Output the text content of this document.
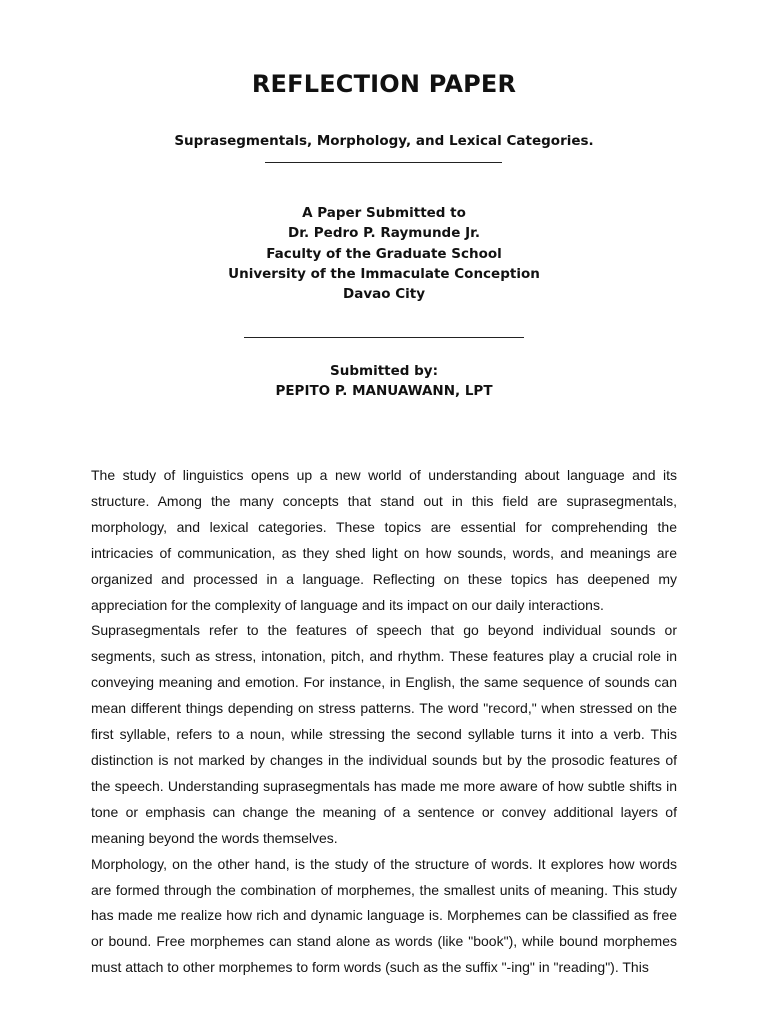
REFLECTION PAPER
Suprasegmentals, Morphology, and Lexical Categories.
A Paper Submitted to
Dr. Pedro P. Raymunde Jr.
Faculty of the Graduate School
University of the Immaculate Conception
Davao City
Submitted by:
PEPITO P. MANUAWANN, LPT

The study of linguistics opens up a new world of understanding about language and its structure. Among the many concepts that stand out in this field are suprasegmentals, morphology, and lexical categories. These topics are essential for comprehending the intricacies of communication, as they shed light on how sounds, words, and meanings are organized and processed in a language. Reflecting on these topics has deepened my appreciation for the complexity of language and its impact on our daily interactions.

Suprasegmentals refer to the features of speech that go beyond individual sounds or segments, such as stress, intonation, pitch, and rhythm. These features play a crucial role in conveying meaning and emotion. For instance, in English, the same sequence of sounds can mean different things depending on stress patterns. The word "record," when stressed on the first syllable, refers to a noun, while stressing the second syllable turns it into a verb. This distinction is not marked by changes in the individual sounds but by the prosodic features of the speech. Understanding suprasegmentals has made me more aware of how subtle shifts in tone or emphasis can change the meaning of a sentence or convey additional layers of meaning beyond the words themselves.

Morphology, on the other hand, is the study of the structure of words. It explores how words are formed through the combination of morphemes, the smallest units of meaning. This study has made me realize how rich and dynamic language is. Morphemes can be classified as free or bound. Free morphemes can stand alone as words (like "book"), while bound morphemes must attach to other morphemes to form words (such as the suffix "-ing" in "reading"). This
